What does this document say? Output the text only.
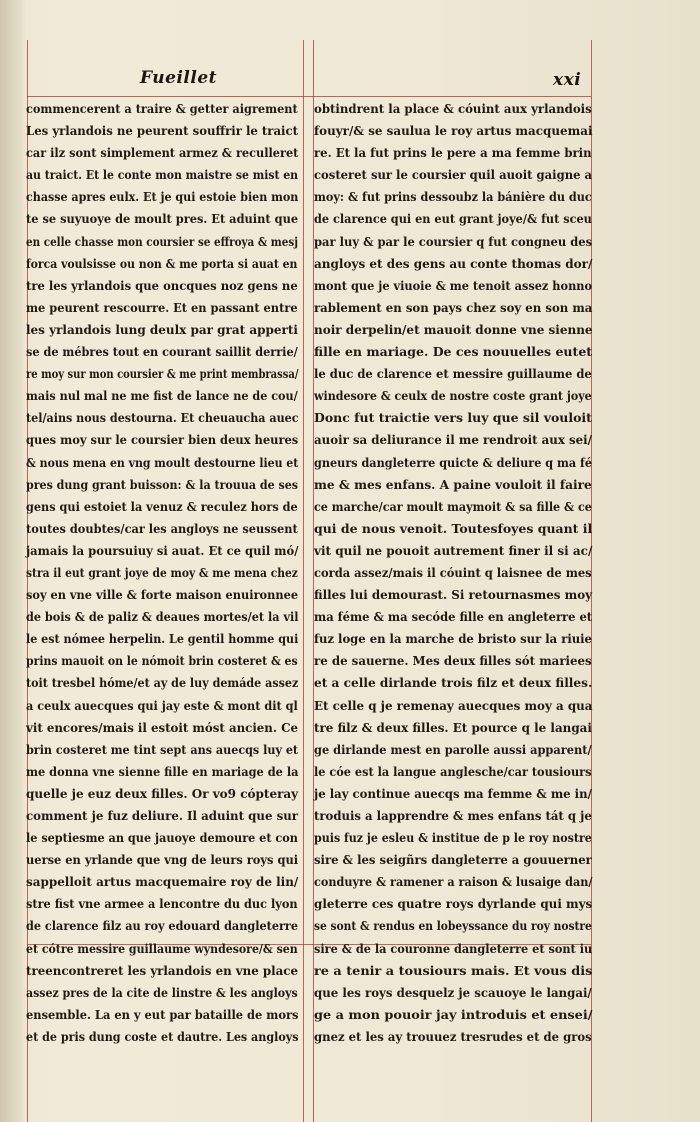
Fueillet	xxi
commencerent a traire & getter aigrement
Les yrlandois ne peurent souffrir le traict
car ilz sont simplement armez & reculleret
au traict. Et le conte mon maistre se mist en
chasse apres eulx. Et je qui estoie bien mon
te se suyuoye de moult pres. Et aduint que
en celle chasse mon coursier se effroya & mesj
forca voulsisse ou non & me porta si auat en
tre les yrlandois que oncques noz gens ne
me peurent rescourre. Et en passant entre
les yrlandois lung deulx par grat apperti
se de mébres tout en courant saillit derrie/
re moy sur mon coursier & me print membrassa/
mais nul mal ne me fist de lance ne de cou/
tel/ains nous destourna. Et cheuaucha auec
ques moy sur le coursier bien deux heures
& nous mena en vng moult destourne lieu et
pres dung grant buisson: & la trouua de ses
gens qui estoiet la venuz & reculez hors de
toutes doubtes/car les angloys ne seussent
jamais la poursuiuy si auat. Et ce quil mó/
stra il eut grant joye de moy & me mena chez
soy en vne ville & forte maison enuironnee
de bois & de paliz & deaues mortes/et la vil
le est nómee herpelin. Le gentil homme qui
prins mauoit on le nómoit brin costeret & es
toit tresbel hóme/et ay de luy demáde assez
a ceulx auecques qui jay este & mont dit ql
vit encores/mais il estoit móst ancien. Ce
brin costeret me tint sept ans auecqs luy et
me donna vne sienne fille en mariage de la
quelle je euz deux filles. Or vo9 cópteray
comment je fuz deliure. Il aduint que sur
le septiesme an que jauoye demoure et con
uerse en yrlande que vng de leurs roys qui
sappelloit artus macquemaire roy de lin/
stre fist vne armee a lencontre du duc lyon
de clarence filz au roy edouard dangleterre
et cótre messire guillaume wyndesore/& sen
treencontreret les yrlandois en vne place
assez pres de la cite de linstre & les angloys
ensemble. La en y eut par bataille de mors
et de pris dung coste et dautre. Les angloys
obtindrent la place & cóuint aux yrlandois
fouyr/& se saulua le roy artus macquemai
re. Et la fut prins le pere a ma femme brin
costeret sur le coursier quil auoit gaigne a
moy: & fut prins dessoubz la bánière du duc
de clarence qui en eut grant joye/& fut sceu
par luy & par le coursier q fut congneu des
angloys et des gens au conte thomas dor/
mont que je viuoie & me tenoit assez honno
rablement en son pays chez soy en son ma
noir derpelin/et mauoit donne vne sienne
fille en mariage. De ces nouuelles eutet
le duc de clarence et messire guillaume de
windesore & ceulx de nostre coste grant joye
Donc fut traictie vers luy que sil vouloit
auoir sa deliurance il me rendroit aux sei/
gneurs dangleterre quicte & deliure q ma fé
me & mes enfans. A paine vouloit il faire
ce marche/car moult maymoit & sa fille & ce
qui de nous venoit. Toutesfoyes quant il
vit quil ne pouoit autrement finer il si ac/
corda assez/mais il cóuint q laisnee de mes
filles lui demourast. Si retournasmes moy
ma féme & ma secóde fille en angleterre et
fuz loge en la marche de bristo sur la riuie
re de sauerne. Mes deux filles sót mariees
et a celle dirlande trois filz et deux filles.
Et celle q je remenay auecques moy a qua
tre filz & deux filles. Et pource q le langai
ge dirlande mest en parolle aussi apparent/
le cóe est la langue anglesche/car tousiours
je lay continue auecqs ma femme & me in/
troduis a lapprendre & mes enfans tát q je
puis fuz je esleu & institue de p le roy nostre
sire & les seigñrs dangleterre a gouuerner
conduyre & ramener a raison & lusaige dan/
gleterre ces quatre roys dyrlande qui mys
se sont & rendus en lobeyssance du roy nostre
sire & de la couronne dangleterre et sont iu
re a tenir a tousiours mais. Et vous dis
que les roys desquelz je scauoye le langai/
ge a mon pouoir jay introduis et ensei/
gnez et les ay trouuez tresrudes et de gros
